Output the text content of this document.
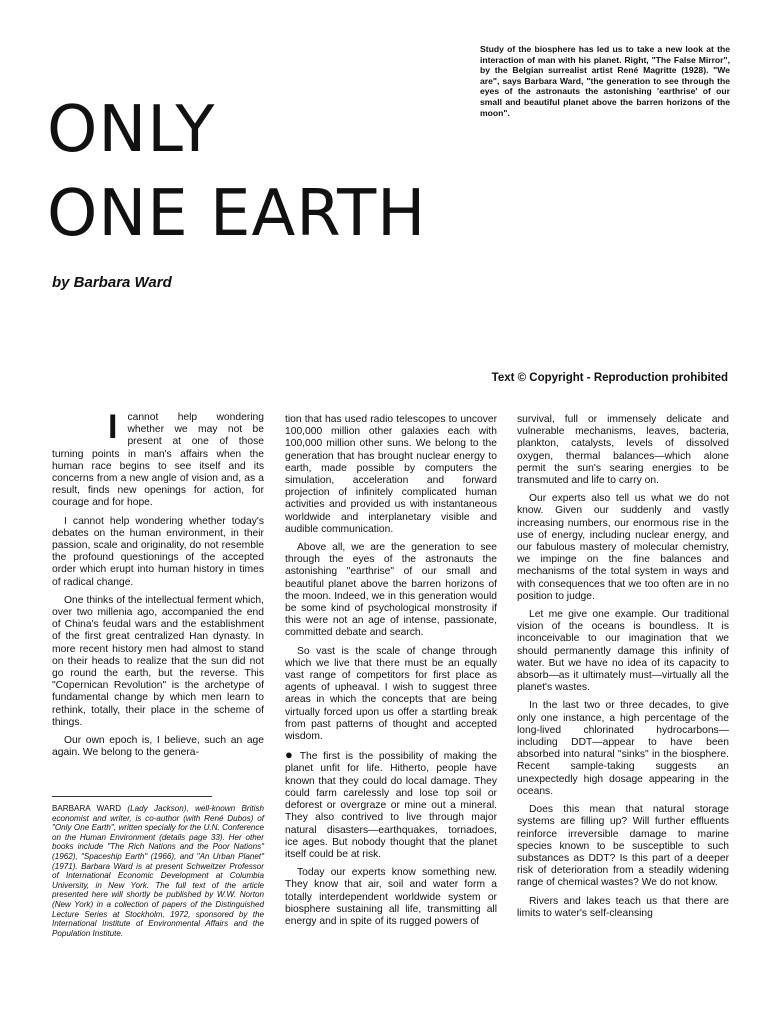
ONLY
ONE EARTH

by Barbara Ward

Study of the biosphere has led us to take a new look at the interaction of man with his planet. Right, "The False Mirror", by the Belgian surrealist artist René Magritte (1928). "We are", says Barbara Ward, "the generation to see through the eyes of the astronauts the astonishing 'earthrise' of our small and beautiful planet above the barren horizons of the moon".

Text © Copyright - Reproduction prohibited

Icannot help wondering whether we may not be present at one of those turning points in man's affairs when the human race begins to see itself and its concerns from a new angle of vision and, as a result, finds new openings for action, for courage and for hope.

I cannot help wondering whether today's debates on the human environment, in their passion, scale and originality, do not resemble the profound questionings of the accepted order which erupt into human history in times of radical change.

One thinks of the intellectual ferment which, over two millenia ago, accompanied the end of China's feudal wars and the establishment of the first great centralized Han dynasty. In more recent history men had almost to stand on their heads to realize that the sun did not go round the earth, but the reverse. This "Copernican Revolution" is the archetype of fundamental change by which men learn to rethink, totally, their place in the scheme of things.

Our own epoch is, I believe, such an age again. We belong to the genera-

BARBARA WARD (Lady Jackson), well-known British economist and writer, is co-author (with René Dubos) of "Only One Earth", written specially for the U.N. Conference on the Human Environment (details page 33). Her other books include "The Rich Nations and the Poor Nations" (1962), "Spaceship Earth" (1966), and "An Urban Planet" (1971). Barbara Ward is at present Schweitzer Professor of International Economic Development at Columbia University, in New York. The full text of the article presented here will shortly be published by W.W. Norton (New York) in a collection of papers of the Distinguished Lecture Series at Stockholm, 1972, sponsored by the International Institute of Environmental Affairs and the Population Institute.

tion that has used radio telescopes to uncover 100,000 million other galaxies each with 100,000 million other suns. We belong to the generation that has brought nuclear energy to earth, made possible by computers the simulation, acceleration and forward projection of infinitely complicated human activities and provided us with instantaneous worldwide and interplanetary visible and audible communication.

Above all, we are the generation to see through the eyes of the astronauts the astonishing "earthrise" of our small and beautiful planet above the barren horizons of the moon. Indeed, we in this generation would be some kind of psychological monstrosity if this were not an age of intense, passionate, committed debate and search.

So vast is the scale of change through which we live that there must be an equally vast range of competitors for first place as agents of upheaval. I wish to suggest three areas in which the concepts that are being virtually forced upon us offer a startling break from past patterns of thought and accepted wisdom.

● The first is the possibility of making the planet unfit for life. Hitherto, people have known that they could do local damage. They could farm carelessly and lose top soil or deforest or overgraze or mine out a mineral. They also contrived to live through major natural disasters—earthquakes, tornadoes, ice ages. But nobody thought that the planet itself could be at risk.

Today our experts know something new. They know that air, soil and water form a totally interdependent worldwide system or biosphere sustaining all life, transmitting all energy and in spite of its rugged powers of

survival, full or immensely delicate and vulnerable mechanisms, leaves, bacteria, plankton, catalysts, levels of dissolved oxygen, thermal balances—which alone permit the sun's searing energies to be transmuted and life to carry on.

Our experts also tell us what we do not know. Given our suddenly and vastly increasing numbers, our enormous rise in the use of energy, including nuclear energy, and our fabulous mastery of molecular chemistry, we impinge on the fine balances and mechanisms of the total system in ways and with consequences that we too often are in no position to judge.

Let me give one example. Our traditional vision of the oceans is boundless. It is inconceivable to our imagination that we should permanently damage this infinity of water. But we have no idea of its capacity to absorb—as it ultimately must—virtually all the planet's wastes.

In the last two or three decades, to give only one instance, a high percentage of the long-lived chlorinated hydrocarbons—including DDT—appear to have been absorbed into natural "sinks" in the biosphere. Recent sample-taking suggests an unexpectedly high dosage appearing in the oceans.

Does this mean that natural storage systems are filling up? Will further effluents reinforce irreversible damage to marine species known to be susceptible to such substances as DDT? Is this part of a deeper risk of deterioration from a steadily widening range of chemical wastes? We do not know.

Rivers and lakes teach us that there are limits to water's self-cleansing
